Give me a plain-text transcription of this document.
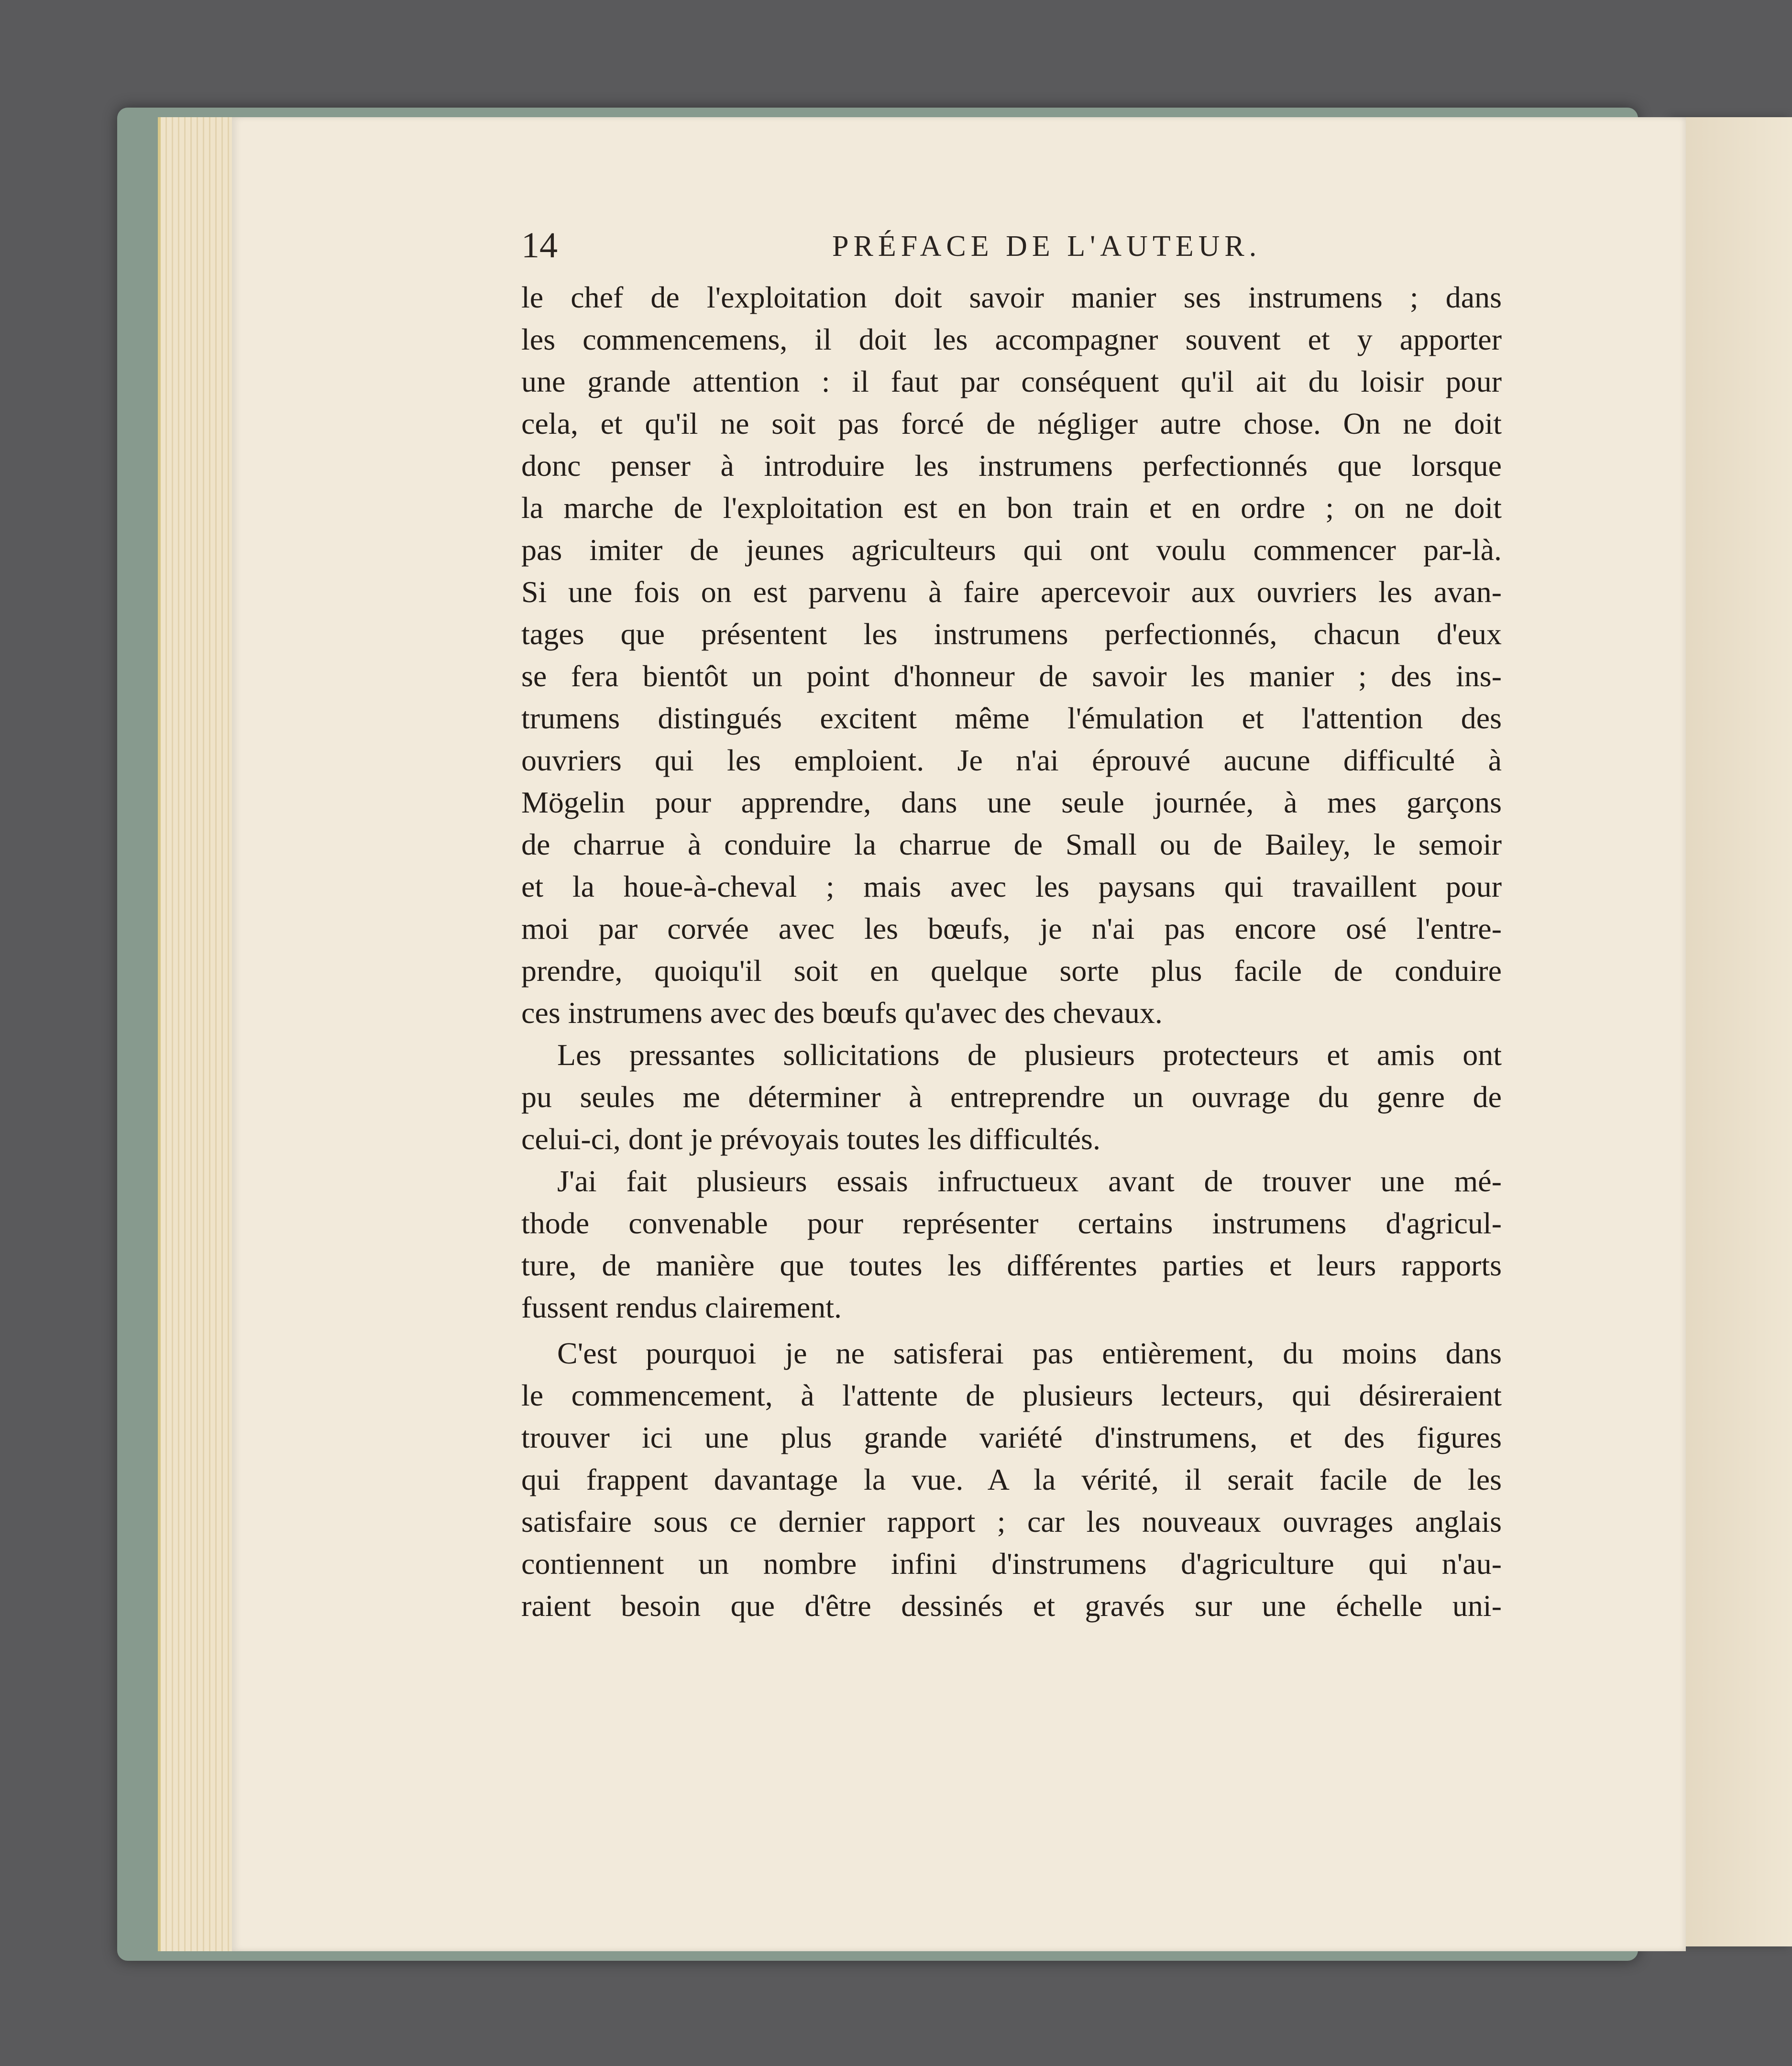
14	PRÉFACE DE L'AUTEUR.
le chef de l'exploitation doit savoir manier ses instrumens ; dans
les commencemens, il doit les accompagner souvent et y apporter
une grande attention : il faut par conséquent qu'il ait du loisir pour
cela, et qu'il ne soit pas forcé de négliger autre chose. On ne doit
donc penser à introduire les instrumens perfectionnés que lorsque
la marche de l'exploitation est en bon train et en ordre ; on ne doit
pas imiter de jeunes agriculteurs qui ont voulu commencer par-là.
Si une fois on est parvenu à faire apercevoir aux ouvriers les avan-
tages que présentent les instrumens perfectionnés, chacun d'eux
se fera bientôt un point d'honneur de savoir les manier ; des ins-
trumens distingués excitent même l'émulation et l'attention des
ouvriers qui les emploient. Je n'ai éprouvé aucune difficulté à
Mögelin pour apprendre, dans une seule journée, à mes garçons
de charrue à conduire la charrue de Small ou de Bailey, le semoir
et la houe-à-cheval ; mais avec les paysans qui travaillent pour
moi par corvée avec les bœufs, je n'ai pas encore osé l'entre-
prendre, quoiqu'il soit en quelque sorte plus facile de conduire
ces instrumens avec des bœufs qu'avec des chevaux.
Les pressantes sollicitations de plusieurs protecteurs et amis ont
pu seules me déterminer à entreprendre un ouvrage du genre de
celui-ci, dont je prévoyais toutes les difficultés.
J'ai fait plusieurs essais infructueux avant de trouver une mé-
thode convenable pour représenter certains instrumens d'agricul-
ture, de manière que toutes les différentes parties et leurs rapports
fussent rendus clairement.
C'est pourquoi je ne satisferai pas entièrement, du moins dans
le commencement, à l'attente de plusieurs lecteurs, qui désireraient
trouver ici une plus grande variété d'instrumens, et des figures
qui frappent davantage la vue. A la vérité, il serait facile de les
satisfaire sous ce dernier rapport ; car les nouveaux ouvrages anglais
contiennent un nombre infini d'instrumens d'agriculture qui n'au-
raient besoin que d'être dessinés et gravés sur une échelle uni-
